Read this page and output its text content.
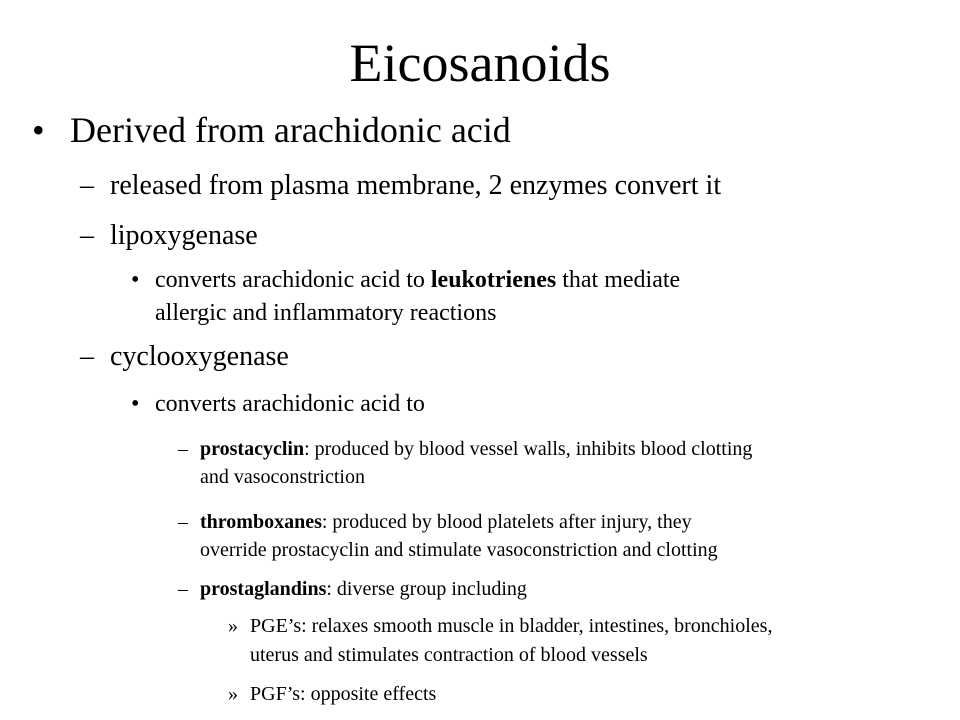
Eicosanoids
• Derived from arachidonic acid
– released from plasma membrane, 2 enzymes convert it
– lipoxygenase
• converts arachidonic acid to leukotrienes that mediate
allergic and inflammatory reactions
– cyclooxygenase
• converts arachidonic acid to
– prostacyclin: produced by blood vessel walls, inhibits blood clotting
and vasoconstriction
– thromboxanes: produced by blood platelets after injury, they
override prostacyclin and stimulate vasoconstriction and clotting
– prostaglandins: diverse group including
» PGE’s: relaxes smooth muscle in bladder, intestines, bronchioles,
uterus and stimulates contraction of blood vessels
» PGF’s: opposite effects
